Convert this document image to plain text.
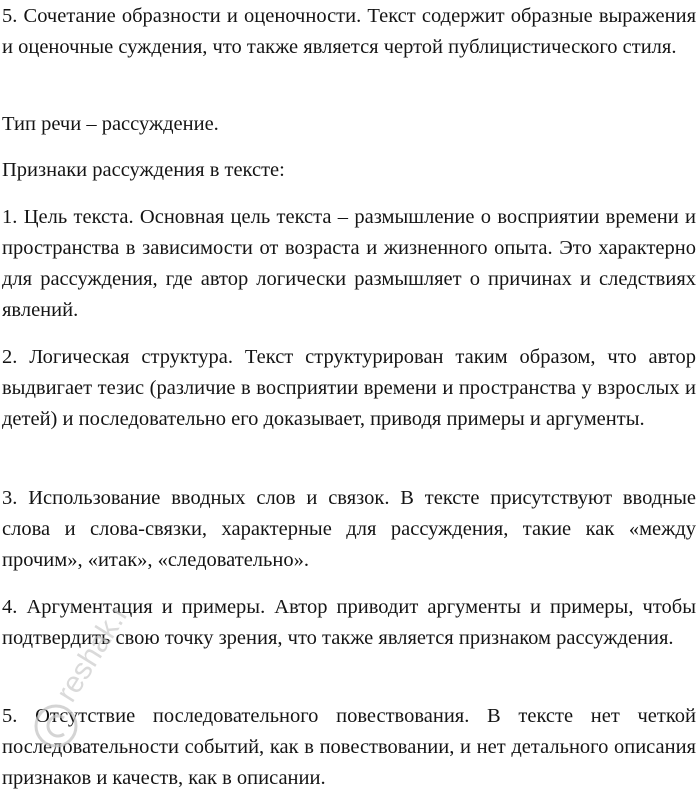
5. Сочетание образности и оценочности. Текст содержит образные выражения и оценочные суждения, что также является чертой публицистического стиля.

Тип речи – рассуждение.

Признаки рассуждения в тексте:

1. Цель текста. Основная цель текста – размышление о восприятии времени и пространства в зависимости от возраста и жизненного опыта. Это характерно для рассуждения, где автор логически размышляет о причинах и следствиях явлений.

2. Логическая структура. Текст структурирован таким образом, что автор выдвигает тезис (различие в восприятии времени и пространства у взрослых и детей) и последовательно его доказывает, приводя примеры и аргументы.

3. Использование вводных слов и связок. В тексте присутствуют вводные слова и слова-связки, характерные для рассуждения, такие как «между прочим», «итак», «следовательно».

4. Аргументация и примеры. Автор приводит аргументы и примеры, чтобы подтвердить свою точку зрения, что также является признаком рассуждения.

5. Отсутствие последовательного повествования. В тексте нет четкой последовательности событий, как в повествовании, и нет детального описания признаков и качеств, как в описании.

reshak.ru
